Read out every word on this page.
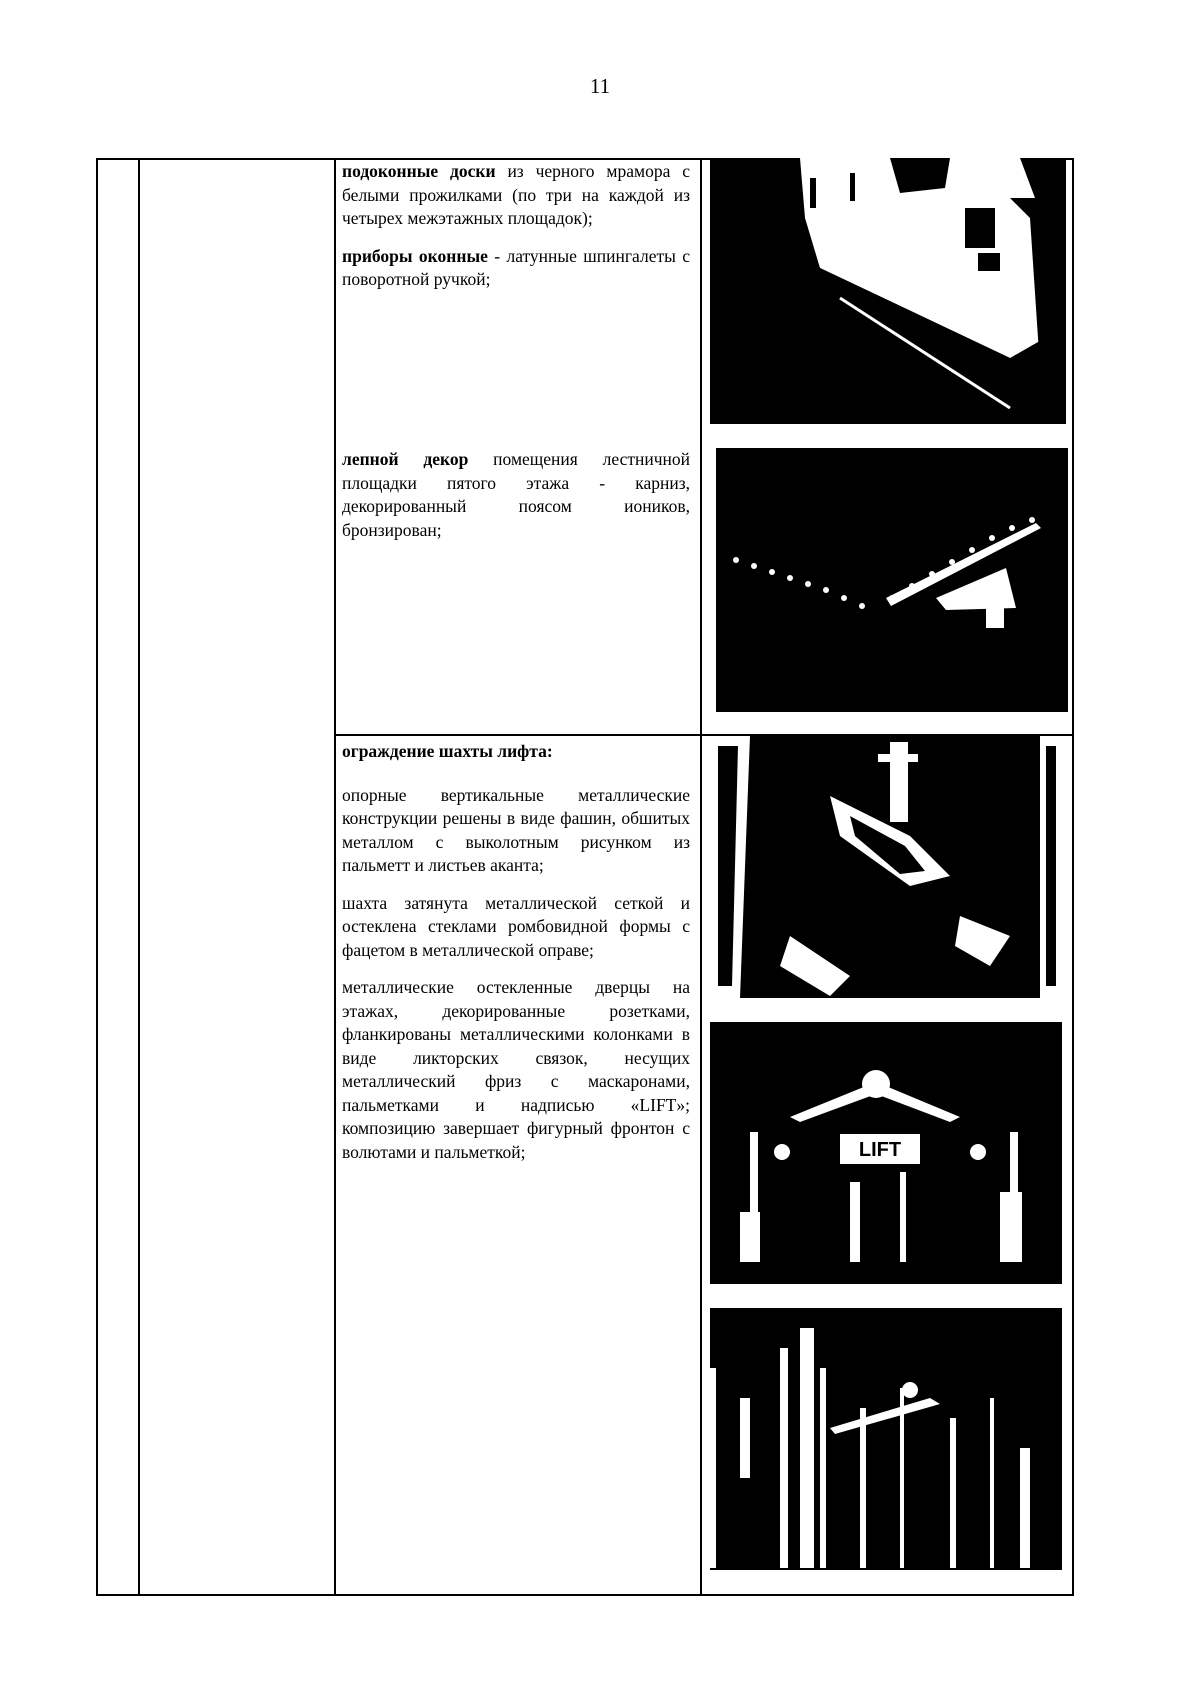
11

подоконные доски из черного мрамора с белыми прожилками (по три на каждой из четырех межэтажных площадок);

приборы оконные - латунные шпингалеты с поворотной ручкой;

лепной декор помещения лестничной площадки пятого этажа - карниз, декорированный поясом иоников, бронзирован;

ограждение шахты лифта:

опорные вертикальные металлические конструкции решены в виде фашин, обшитых металлом с выколотным рисунком из пальметт и листьев аканта;

шахта затянута металлической сеткой и остеклена стеклами ромбовидной формы с фацетом в металлической оправе;

металлические остекленные дверцы на этажах, декорированные розетками, фланкированы металлическими колонками в виде ликторских связок, несущих металлический фриз с маскаронами, пальметками и надписью «LIFT»; композицию завершает фигурный фронтон с волютами и пальметкой;	LIFT
